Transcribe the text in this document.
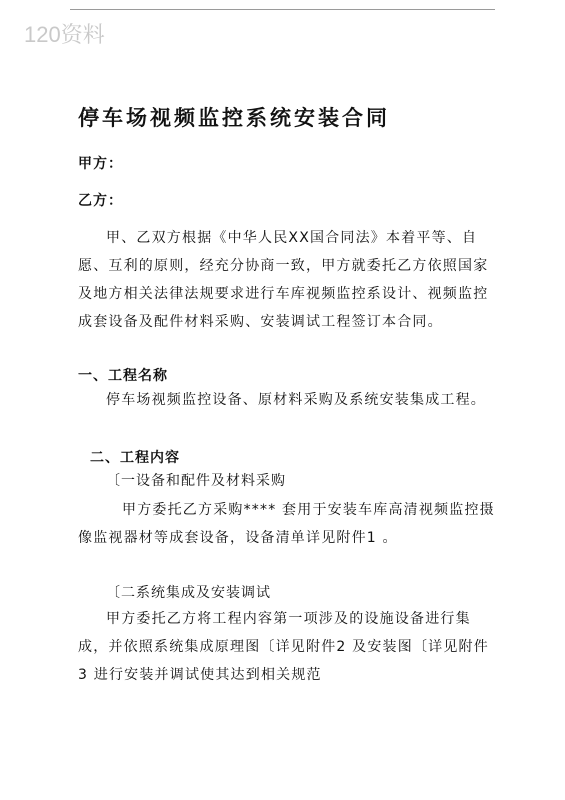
120资料
停车场视频监控系统安装合同
甲方：
乙方：

甲、乙双方根据《中华人民XX国合同法》本着平等、自愿、互利的原则，经充分协商一致，甲方就委托乙方依照国家及地方相关法律法规要求进行车库视频监控系设计、视频监控成套设备及配件材料采购、安装调试工程签订本合同。

一、工程名称

停车场视频监控设备、原材料采购及系统安装集成工程。

二、工程内容
〔一设备和配件及材料采购

甲方委托乙方采购**** 套用于安装车库高清视频监控摄像监视器材等成套设备，设备清单详见附件1 。

〔二系统集成及安装调试

甲方委托乙方将工程内容第一项涉及的设施设备进行集成，并依照系统集成原理图〔详见附件2 及安装图〔详见附件3 进行安装并调试使其达到相关规范
